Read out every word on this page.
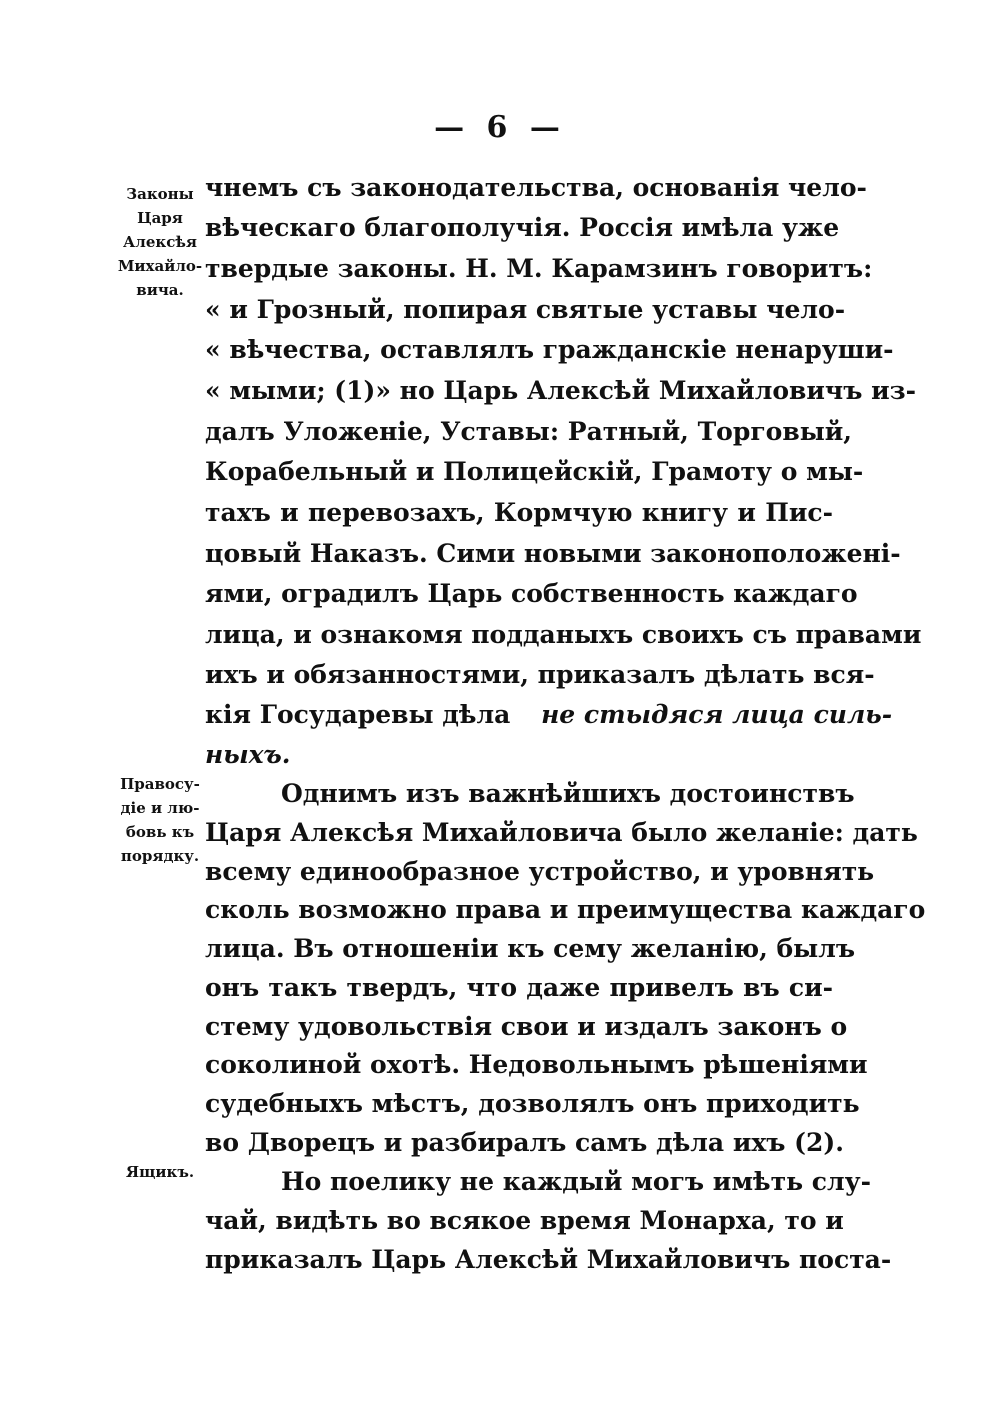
— 6 —
Законы
Царя
Алексѣя
Михайло-
вича.
Правосу-
діе и лю-
бовь къ
порядку.
Ящикъ.
чнемъ съ законодательства, основанія чело-
вѣческаго благополучія. Россія имѣла уже
твердые законы. Н. М. Карамзинъ говоритъ:
« и Грозный, попирая святые уставы чело-
« вѣчества, оставлялъ гражданскіе ненаруши-
« мыми; (1)» но Царь Алексѣй Михайловичъ из-
далъ Уложеніе, Уставы: Ратный, Торговый,
Корабельный и Полицейскій, Грамоту о мы-
тахъ и перевозахъ, Кормчую книгу и Пис-
цовый Наказъ. Сими новыми законоположені-
ями, оградилъ Царь собственность каждаго
лица, и ознакомя подданыхъ своихъ съ правами
ихъ и обязанностями, приказалъ дѣлать вся-
кія Государевы дѣла не стыдяся лица силь-
ныхъ.
Однимъ изъ важнѣйшихъ достоинствъ
Царя Алексѣя Михайловича было желаніе: дать
всему единообразное устройство, и уровнять
сколь возможно права и преимущества каждаго
лица. Въ отношеніи къ сему желанію, былъ
онъ такъ твердъ, что даже привелъ въ си-
стему удовольствія свои и издалъ законъ о
соколиной охотѣ. Недовольнымъ рѣшеніями
судебныхъ мѣстъ, дозволялъ онъ приходить
во Дворецъ и разбиралъ самъ дѣла ихъ (2).
Но поелику не каждый могъ имѣть слу-
чай, видѣть во всякое время Монарха, то и
приказалъ Царь Алексѣй Михайловичъ поста-
